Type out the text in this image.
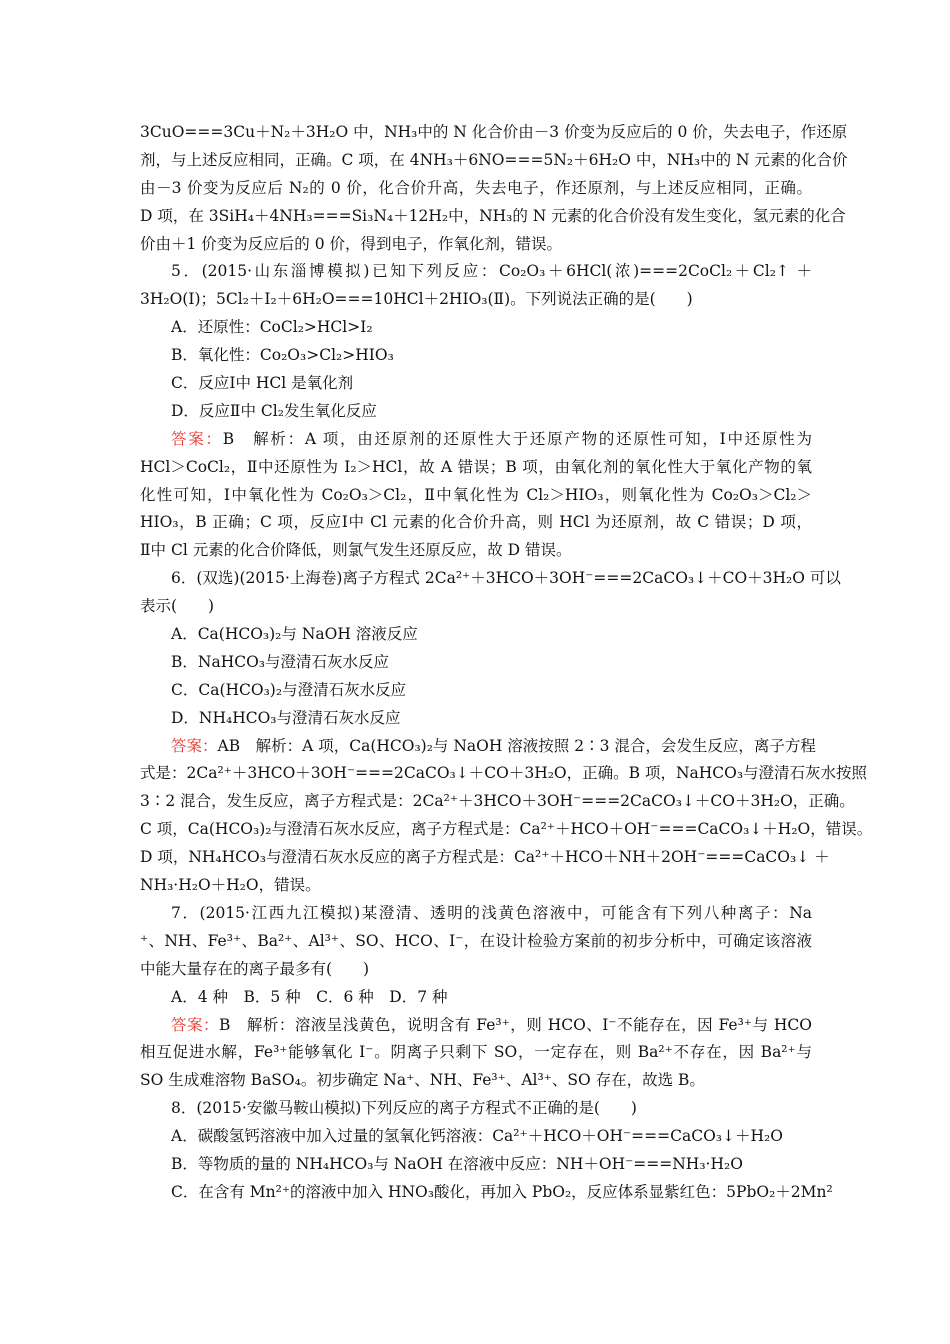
3CuO===3Cu＋N₂＋3H₂O 中，NH₃中的 N 化合价由－3 价变为反应后的 0 价，失去电子，作还原
剂，与上述反应相同，正确。C 项，在 4NH₃＋6NO===5N₂＋6H₂O 中，NH₃中的 N 元素的化合价
由－3 价变为反应后 N₂的 0 价，化合价升高，失去电子，作还原剂，与上述反应相同，正确。
D 项，在 3SiH₄＋4NH₃===Si₃N₄＋12H₂中，NH₃的 N 元素的化合价没有发生变化，氢元素的化合
价由＋1 价变为反应后的 0 价，得到电子，作氧化剂，错误。
5．(2015·山东淄博模拟)已知下列反应：Co₂O₃＋6HCl(浓)===2CoCl₂＋Cl₂↑ ＋
3H₂O(Ⅰ)；5Cl₂＋I₂＋6H₂O===10HCl＋2HIO₃(Ⅱ)。下列说法正确的是(　　)
A．还原性：CoCl₂>HCl>I₂
B．氧化性：Co₂O₃>Cl₂>HIO₃
C．反应Ⅰ中 HCl 是氧化剂
D．反应Ⅱ中 Cl₂发生氧化反应
答案：B　解析：A 项，由还原剂的还原性大于还原产物的还原性可知，Ⅰ中还原性为
HCl＞CoCl₂，Ⅱ中还原性为 I₂＞HCl，故 A 错误；B 项，由氧化剂的氧化性大于氧化产物的氧
化性可知，Ⅰ中氧化性为 Co₂O₃＞Cl₂，Ⅱ中氧化性为 Cl₂＞HIO₃，则氧化性为 Co₂O₃＞Cl₂＞
HIO₃，B 正确；C 项，反应Ⅰ中 Cl 元素的化合价升高，则 HCl 为还原剂，故 C 错误；D 项，
Ⅱ中 Cl 元素的化合价降低，则氯气发生还原反应，故 D 错误。
6．(双选)(2015·上海卷)离子方程式 2Ca²⁺＋3HCO＋3OH⁻===2CaCO₃↓＋CO＋3H₂O 可以
表示(　　)
A．Ca(HCO₃)₂与 NaOH 溶液反应
B．NaHCO₃与澄清石灰水反应
C．Ca(HCO₃)₂与澄清石灰水反应
D．NH₄HCO₃与澄清石灰水反应
答案：AB　解析：A 项，Ca(HCO₃)₂与 NaOH 溶液按照 2∶3 混合，会发生反应，离子方程
式是：2Ca²⁺＋3HCO＋3OH⁻===2CaCO₃↓＋CO＋3H₂O，正确。B 项，NaHCO₃与澄清石灰水按照
3∶2 混合，发生反应，离子方程式是：2Ca²⁺＋3HCO＋3OH⁻===2CaCO₃↓＋CO＋3H₂O，正确。
C 项，Ca(HCO₃)₂与澄清石灰水反应，离子方程式是：Ca²⁺＋HCO＋OH⁻===CaCO₃↓＋H₂O，错误。
D 项，NH₄HCO₃与澄清石灰水反应的离子方程式是：Ca²⁺＋HCO＋NH＋2OH⁻===CaCO₃↓ ＋
NH₃·H₂O＋H₂O，错误。
7．(2015·江西九江模拟)某澄清、透明的浅黄色溶液中，可能含有下列八种离子：Na
⁺、NH、Fe³⁺、Ba²⁺、Al³⁺、SO、HCO、I⁻，在设计检验方案前的初步分析中，可确定该溶液
中能大量存在的离子最多有(　　)
A．4 种　B．5 种　C．6 种　D．7 种
答案：B　解析：溶液呈浅黄色，说明含有 Fe³⁺，则 HCO、I⁻不能存在，因 Fe³⁺与 HCO
相互促进水解，Fe³⁺能够氧化 I⁻。阴离子只剩下 SO，一定存在，则 Ba²⁺不存在，因 Ba²⁺与
SO 生成难溶物 BaSO₄。初步确定 Na⁺、NH、Fe³⁺、Al³⁺、SO 存在，故选 B。
8．(2015·安徽马鞍山模拟)下列反应的离子方程式不正确的是(　　)
A．碳酸氢钙溶液中加入过量的氢氧化钙溶液：Ca²⁺＋HCO＋OH⁻===CaCO₃↓＋H₂O
B．等物质的量的 NH₄HCO₃与 NaOH 在溶液中反应：NH＋OH⁻===NH₃·H₂O
C．在含有 Mn²⁺的溶液中加入 HNO₃酸化，再加入 PbO₂，反应体系显紫红色：5PbO₂＋2Mn²
